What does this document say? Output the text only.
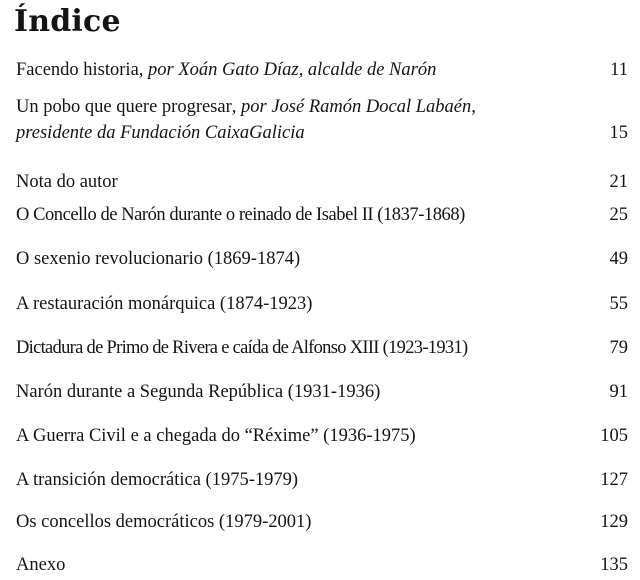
Índice
Facendo historia, por Xoán Gato Díaz, alcalde de Narón	11
Un pobo que quere progresar, por José Ramón Docal Labaén,
presidente da Fundación CaixaGalicia	15
Nota do autor	21
O Concello de Narón durante o reinado de Isabel II (1837-1868)	25
O sexenio revolucionario (1869-1874)	49
A restauración monárquica (1874-1923)	55
Dictadura de Primo de Rivera e caída de Alfonso XIII (1923-1931)	79
Narón durante a Segunda República (1931-1936)	91
A Guerra Civil e a chegada do “Réxime” (1936-1975)	105
A transición democrática (1975-1979)	127
Os concellos democráticos (1979-2001)	129
Anexo	135
